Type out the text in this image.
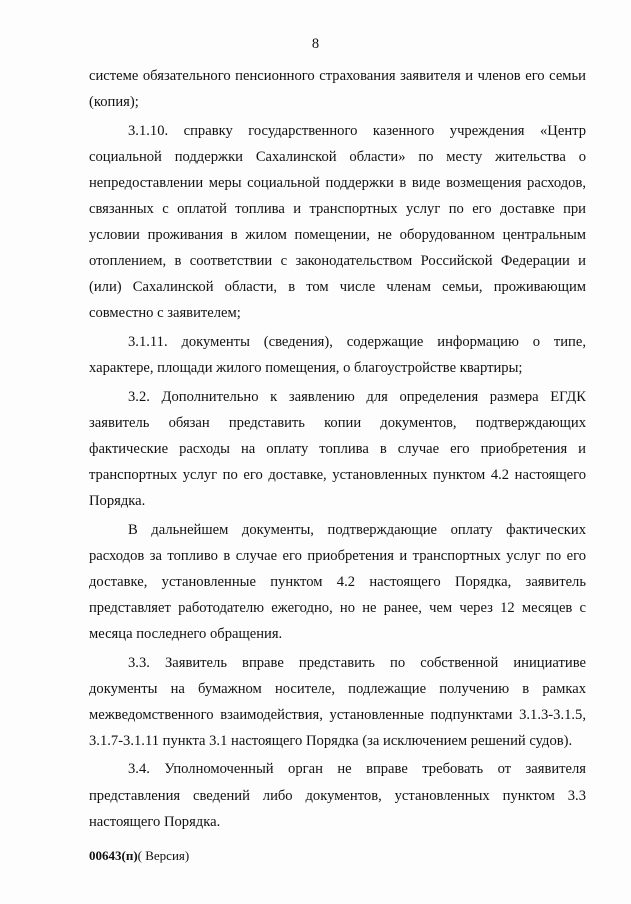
8

системе обязательного пенсионного страхования заявителя и членов его семьи (копия);

3.1.10. справку государственного казенного учреждения «Центр социальной поддержки Сахалинской области» по месту жительства о непредоставлении меры социальной поддержки в виде возмещения расходов, связанных с оплатой топлива и транспортных услуг по его доставке при условии проживания в жилом помещении, не оборудованном центральным отоплением, в соответствии с законодательством Российской Федерации и (или) Сахалинской области, в том числе членам семьи, проживающим совместно с заявителем;

3.1.11. документы (сведения), содержащие информацию о типе, характере, площади жилого помещения, о благоустройстве квартиры;

3.2. Дополнительно к заявлению для определения размера ЕГДК заявитель обязан представить копии документов, подтверждающих фактические расходы на оплату топлива в случае его приобретения и транспортных услуг по его доставке, установленных пунктом 4.2 настоящего Порядка.

В дальнейшем документы, подтверждающие оплату фактических расходов за топливо в случае его приобретения и транспортных услуг по его доставке, установленные пунктом 4.2 настоящего Порядка, заявитель представляет работодателю ежегодно, но не ранее, чем через 12 месяцев с месяца последнего обращения.

3.3. Заявитель вправе представить по собственной инициативе документы на бумажном носителе, подлежащие получению в рамках межведомственного взаимодействия, установленные подпунктами 3.1.3-3.1.5, 3.1.7-3.1.11 пункта 3.1 настоящего Порядка (за исключением решений судов).

3.4. Уполномоченный орган не вправе требовать от заявителя представления сведений либо документов, установленных пунктом 3.3 настоящего Порядка.

00643(п)( Версия)
